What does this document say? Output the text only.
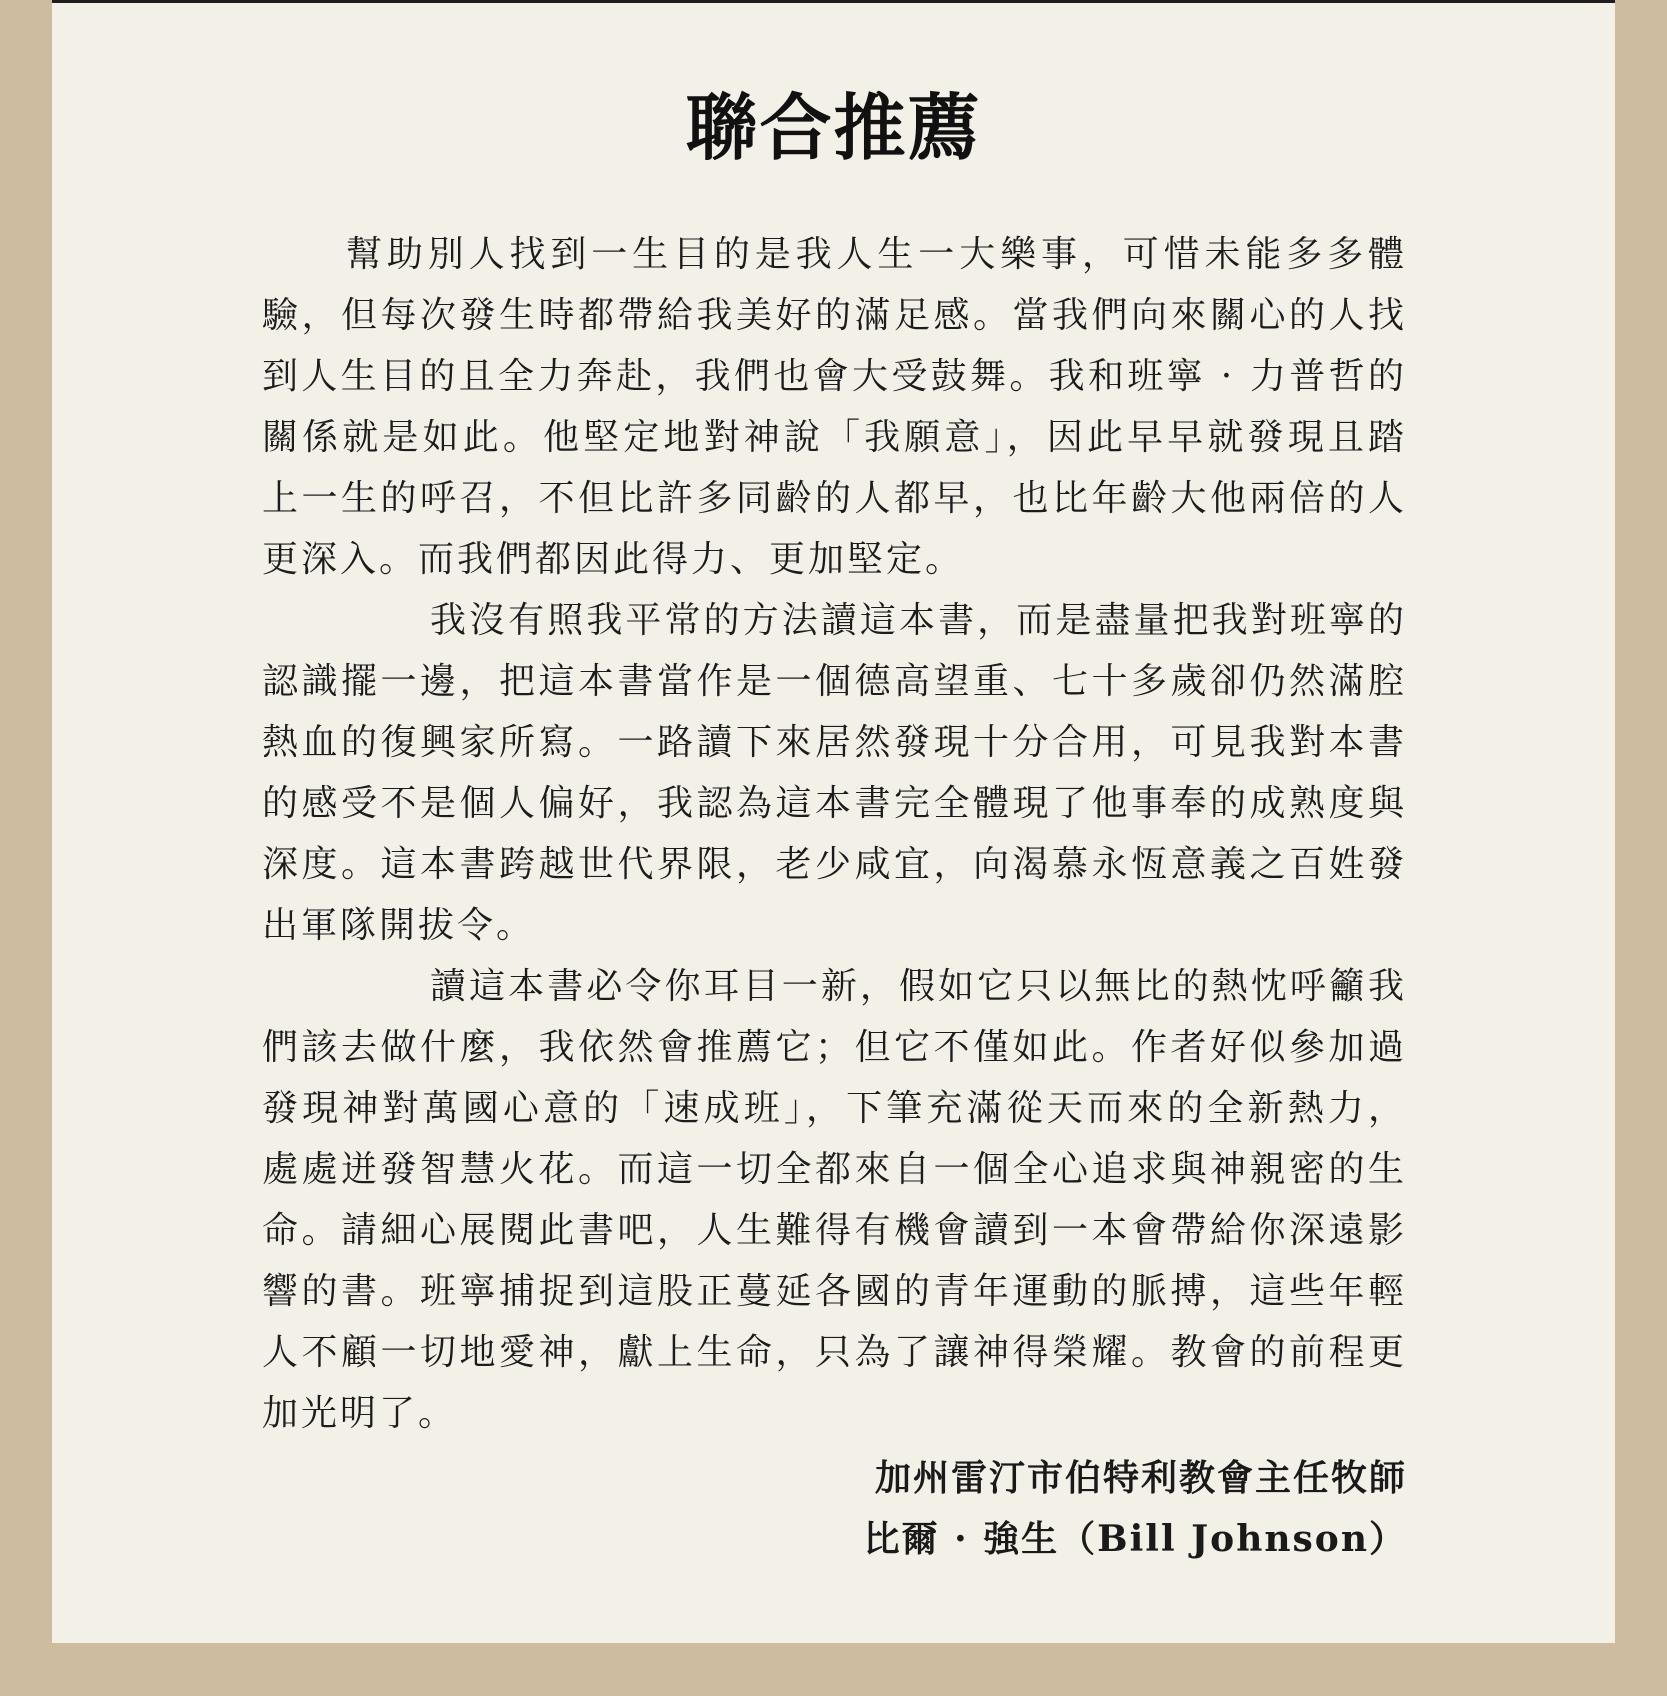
聯合推薦

幫助別人找到一生目的是我人生一大樂事，可惜未能多多體驗，但每次發生時都帶給我美好的滿足感。當我們向來關心的人找到人生目的且全力奔赴，我們也會大受鼓舞。我和班寧 · 力普哲的關係就是如此。他堅定地對神說「我願意」，因此早早就發現且踏上一生的呼召，不但比許多同齡的人都早，也比年齡大他兩倍的人更深入。而我們都因此得力、更加堅定。

我沒有照我平常的方法讀這本書，而是盡量把我對班寧的認識擺一邊，把這本書當作是一個德高望重、七十多歲卻仍然滿腔熱血的復興家所寫。一路讀下來居然發現十分合用，可見我對本書的感受不是個人偏好，我認為這本書完全體現了他事奉的成熟度與深度。這本書跨越世代界限，老少咸宜，向渴慕永恆意義之百姓發出軍隊開拔令。

讀這本書必令你耳目一新，假如它只以無比的熱忱呼籲我們該去做什麼，我依然會推薦它；但它不僅如此。作者好似參加過發現神對萬國心意的「速成班」，下筆充滿從天而來的全新熱力，處處迸發智慧火花。而這一切全都來自一個全心追求與神親密的生命。請細心展閱此書吧，人生難得有機會讀到一本會帶給你深遠影響的書。班寧捕捉到這股正蔓延各國的青年運動的脈搏，這些年輕人不顧一切地愛神，獻上生命，只為了讓神得榮耀。教會的前程更加光明了。

加州雷汀市伯特利教會主任牧師
比爾 · 強生（Bill Johnson）
